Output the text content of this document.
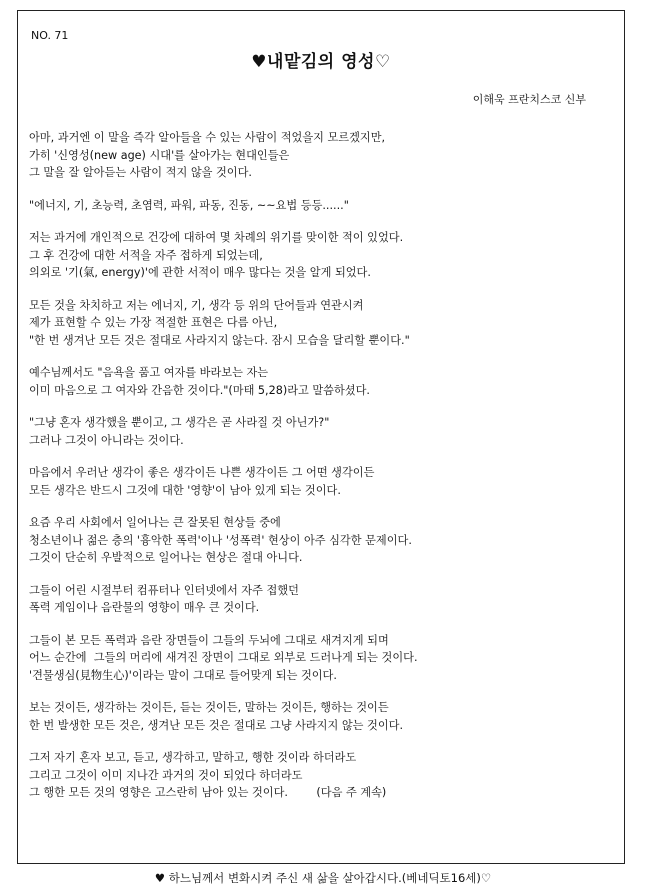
NO. 71
♥내맡김의 영성♡
이해욱 프란치스코 신부
아마, 과거엔 이 말을 즉각 알아들을 수 있는 사람이 적었을지 모르겠지만,
가히 '신영성(new age) 시대'를 살아가는 현대인들은
그 말을 잘 알아듣는 사람이 적지 않을 것이다.
"에너지, 기, 초능력, 초염력, 파워, 파동, 진동, ~~요법 등등......"
저는 과거에 개인적으로 건강에 대하여 몇 차례의 위기를 맞이한 적이 있었다.
그 후 건강에 대한 서적을 자주 접하게 되었는데,
의외로 '기(氣, energy)'에 관한 서적이 매우 많다는 것을 알게 되었다.
모든 것을 차치하고 저는 에너지, 기, 생각 등 위의 단어들과 연관시켜
제가 표현할 수 있는 가장 적절한 표현은 다름 아닌,
"한 번 생겨난 모든 것은 절대로 사라지지 않는다. 잠시 모습을 달리할 뿐이다."
예수님께서도 "음욕을 품고 여자를 바라보는 자는
이미 마음으로 그 여자와 간음한 것이다."(마태 5,28)라고 말씀하셨다.
"그냥 혼자 생각했을 뿐이고, 그 생각은 곧 사라질 것 아닌가?"
그러나 그것이 아니라는 것이다.
마음에서 우러난 생각이 좋은 생각이든 나쁜 생각이든 그 어떤 생각이든
모든 생각은 반드시 그것에 대한 '영향'이 남아 있게 되는 것이다.
요즘 우리 사회에서 일어나는 큰 잘못된 현상들 중에
청소년이나 젊은 층의 '흉악한 폭력'이나 '성폭력' 현상이 아주 심각한 문제이다.
그것이 단순히 우발적으로 일어나는 현상은 절대 아니다.
그들이 어린 시절부터 컴퓨터나 인터넷에서 자주 접했던
폭력 게임이나 음란물의 영향이 매우 큰 것이다.
그들이 본 모든 폭력과 음란 장면들이 그들의 두뇌에 그대로 새겨지게 되며
어느 순간에  그들의 머리에 새겨진 장면이 그대로 외부로 드러나게 되는 것이다.
'견물생심(見物生心)'이라는 말이 그대로 들어맞게 되는 것이다.
보는 것이든, 생각하는 것이든, 듣는 것이든, 말하는 것이든, 행하는 것이든
한 번 발생한 모든 것은, 생겨난 모든 것은 절대로 그냥 사라지지 않는 것이다.
그저 자기 혼자 보고, 듣고, 생각하고, 말하고, 행한 것이라 하더라도
그리고 그것이 이미 지나간 과거의 것이 되었다 하더라도
그 행한 모든 것의 영향은 고스란히 남아 있는 것이다.        (다음 주 계속)
♥ 하느님께서 변화시켜 주신 새 삶을 살아갑시다.(베네딕토16세)♡
